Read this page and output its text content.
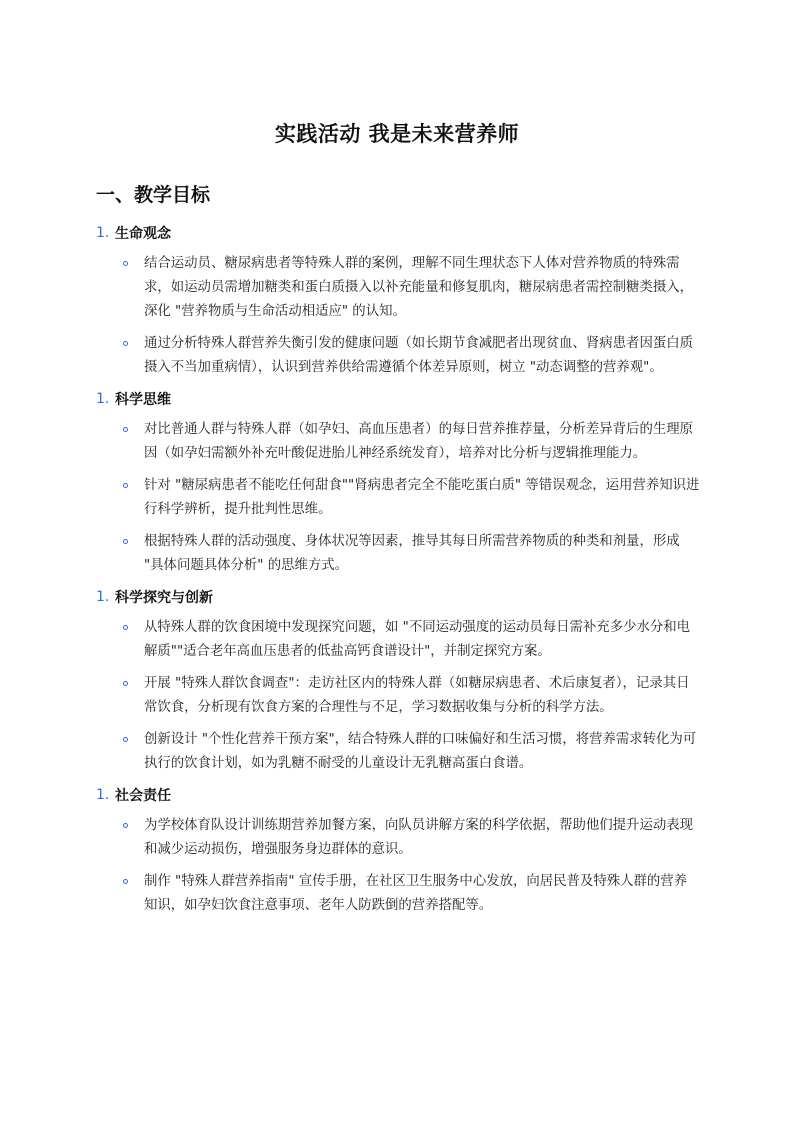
实践活动 我是未来营养师
一、教学目标
1. 生命观念
结合运动员、糖尿病患者等特殊人群的案例，理解不同生理状态下人体对营养物质的特殊需求，如运动员需增加糖类和蛋白质摄入以补充能量和修复肌肉，糖尿病患者需控制糖类摄入，深化 "营养物质与生命活动相适应" 的认知。
通过分析特殊人群营养失衡引发的健康问题（如长期节食减肥者出现贫血、肾病患者因蛋白质摄入不当加重病情），认识到营养供给需遵循个体差异原则，树立 "动态调整的营养观"。
1. 科学思维
对比普通人群与特殊人群（如孕妇、高血压患者）的每日营养推荐量，分析差异背后的生理原因（如孕妇需额外补充叶酸促进胎儿神经系统发育），培养对比分析与逻辑推理能力。
针对 "糖尿病患者不能吃任何甜食""肾病患者完全不能吃蛋白质" 等错误观念，运用营养知识进行科学辨析，提升批判性思维。
根据特殊人群的活动强度、身体状况等因素，推导其每日所需营养物质的种类和剂量，形成 "具体问题具体分析" 的思维方式。
1. 科学探究与创新
从特殊人群的饮食困境中发现探究问题，如 "不同运动强度的运动员每日需补充多少水分和电解质""适合老年高血压患者的低盐高钙食谱设计"，并制定探究方案。
开展 "特殊人群饮食调查"：走访社区内的特殊人群（如糖尿病患者、术后康复者），记录其日常饮食，分析现有饮食方案的合理性与不足，学习数据收集与分析的科学方法。
创新设计 "个性化营养干预方案"，结合特殊人群的口味偏好和生活习惯，将营养需求转化为可执行的饮食计划，如为乳糖不耐受的儿童设计无乳糖高蛋白食谱。
1. 社会责任
为学校体育队设计训练期营养加餐方案，向队员讲解方案的科学依据，帮助他们提升运动表现和减少运动损伤，增强服务身边群体的意识。
制作 "特殊人群营养指南" 宣传手册，在社区卫生服务中心发放，向居民普及特殊人群的营养知识，如孕妇饮食注意事项、老年人防跌倒的营养搭配等。
